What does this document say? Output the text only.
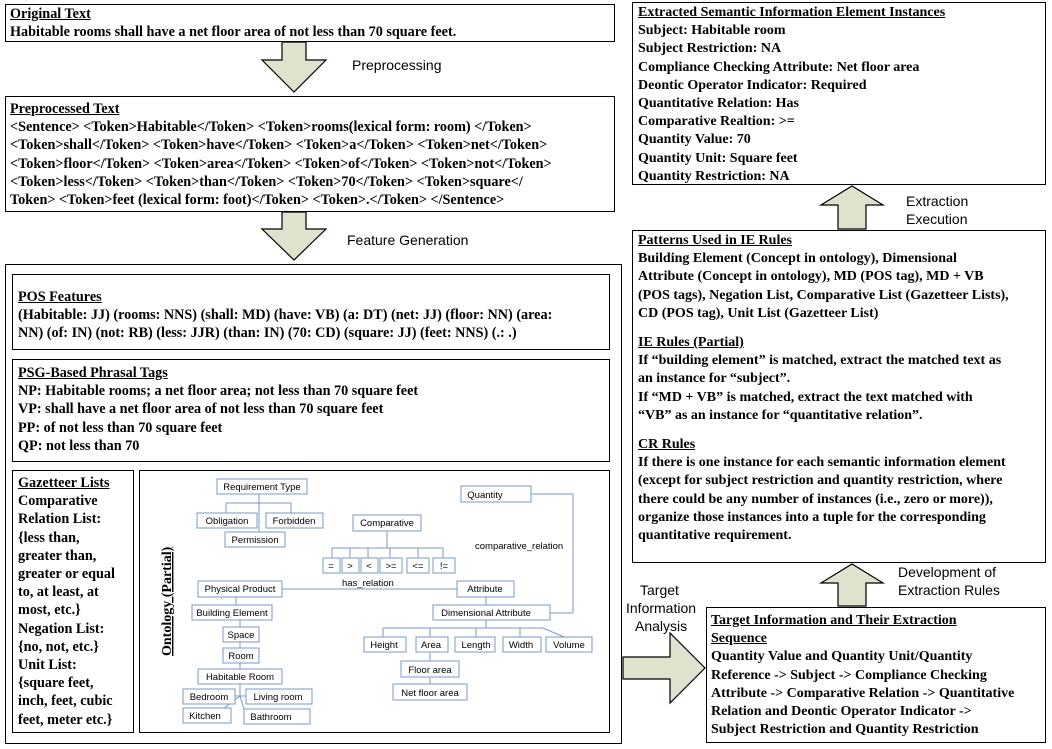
Original Text
Habitable rooms shall have a net floor area of not less than 70 square feet.
Preprocessing
Preprocessed Text
<Sentence> <Token>Habitable</Token> <Token>rooms(lexical form: room) </Token>
<Token>shall</Token> <Token>have</Token> <Token>a</Token> <Token>net</Token>
<Token>floor</Token> <Token>area</Token> <Token>of</Token> <Token>not</Token>
<Token>less</Token> <Token>than</Token> <Token>70</Token> <Token>square</
Token> <Token>feet (lexical form: foot)</Token> <Token>.</Token> </Sentence>
Feature Generation
POS Features
(Habitable: JJ) (rooms: NNS) (shall: MD) (have: VB) (a: DT) (net: JJ) (floor: NN) (area:
NN) (of: IN) (not: RB) (less: JJR) (than: IN) (70: CD) (square: JJ) (feet: NNS) (.: .)
PSG-Based Phrasal Tags
NP: Habitable rooms; a net floor area; not less than 70 square feet
VP: shall have a net floor area of not less than 70 square feet
PP: of not less than 70 square feet
QP: not less than 70
Gazetteer Lists
Comparative
Relation List:
{less than,
greater than,
greater or equal
to, at least, at
most, etc.}
Negation List:
{no, not, etc.}
Unit List:
{square feet,
inch, feet, cubic
feet, meter etc.}
Ontology (Partial)	has_relation
comparative_relation
Requirement Type
Obligation	Forbidden
Permission
Comparative
= > < >= <= !=
Quantity
Physical Product	Attribute
Building Element
Space
Room
Habitable Room
Bedroom	Living room
Kitchen	Bathroom
Dimensional Attribute
Height Area Length Width Volume
Floor area
Net floor area
Extracted Semantic Information Element Instances
Subject: Habitable room
Subject Restriction: NA
Compliance Checking Attribute: Net floor area
Deontic Operator Indicator: Required
Quantitative Relation: Has
Comparative Realtion: >=
Quantity Value: 70
Quantity Unit: Square feet
Quantity Restriction: NA
Extraction
Execution
Patterns Used in IE Rules
Building Element (Concept in ontology), Dimensional
Attribute (Concept in ontology), MD (POS tag), MD + VB
(POS tags), Negation List, Comparative List (Gazetteer Lists),
CD (POS tag), Unit List (Gazetteer List)
IE Rules (Partial)
If “building element” is matched, extract the matched text as
an instance for “subject”.
If “MD + VB” is matched, extract the text matched with
“VB” as an instance for “quantitative relation”.
CR Rules
If there is one instance for each semantic information element
(except for subject restriction and quantity restriction, where
there could be any number of instances (i.e., zero or more)),
organize those instances into a tuple for the corresponding
quantitative requirement.
Development of
Extraction Rules
Target Information and Their Extraction
Sequence
Quantity Value and Quantity Unit/Quantity
Reference -> Subject -> Compliance Checking
Attribute -> Comparative Relation -> Quantitative
Relation and Deontic Operator Indicator ->
Subject Restriction and Quantity Restriction
Target
Information
Analysis
